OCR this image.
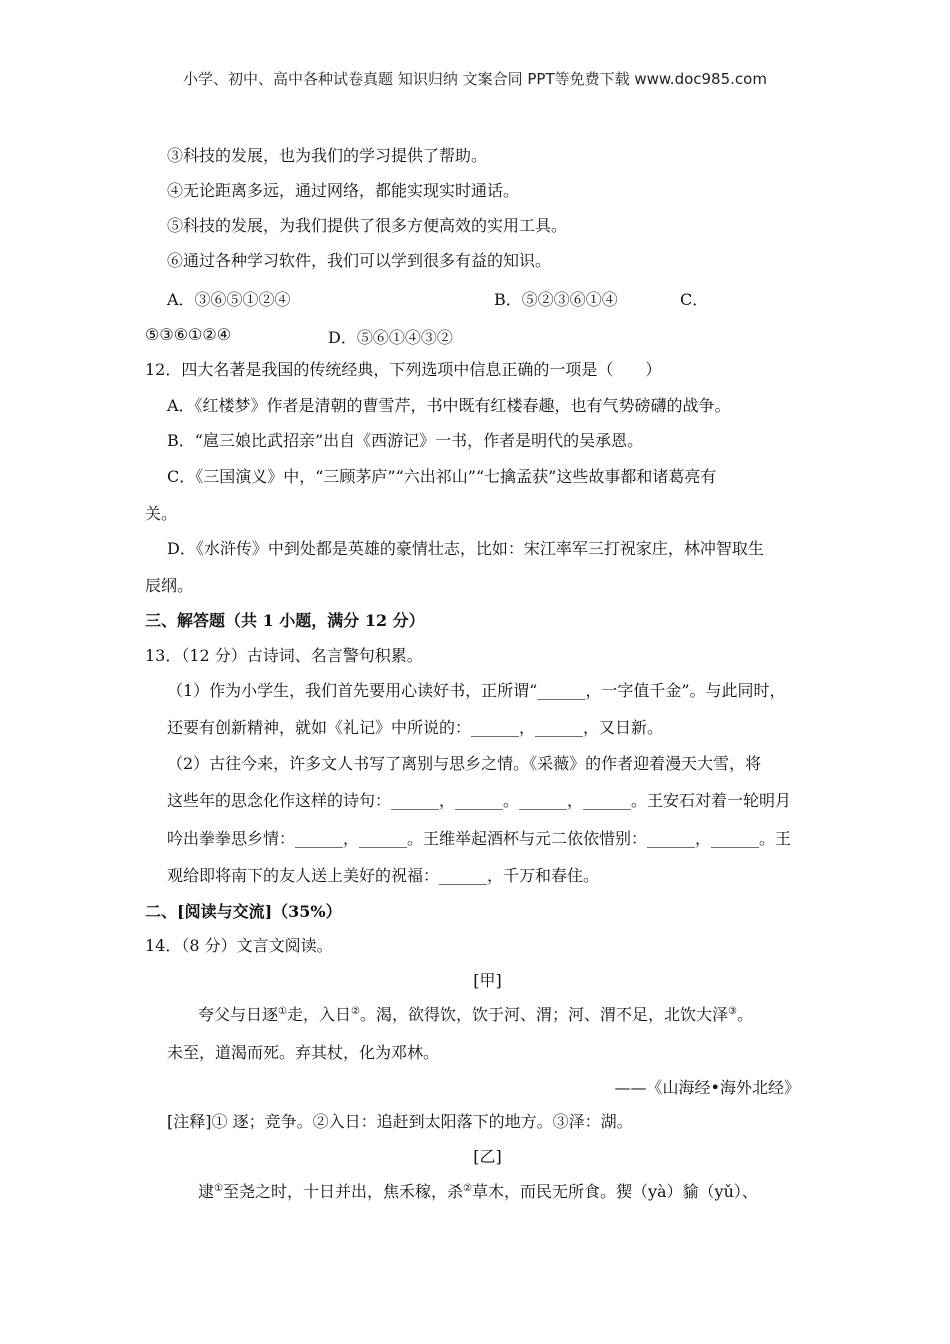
小学、初中、高中各种试卷真题 知识归纳 文案合同 PPT等免费下载 www.doc985.com
③科技的发展，也为我们的学习提供了帮助。
④无论距离多远，通过网络，都能实现实时通话。
⑤科技的发展，为我们提供了很多方便高效的实用工具。
⑥通过各种学习软件，我们可以学到很多有益的知识。
A．③⑥⑤①②④	B．⑤②③⑥①④	C．
⑤③⑥①②④	D．⑤⑥①④③②
12．四大名著是我国的传统经典，下列选项中信息正确的一项是（　　）
A．《红楼梦》作者是清朝的曹雪芹，书中既有红楼春趣，也有气势磅礴的战争。
B．“扈三娘比武招亲”出自《西游记》一书，作者是明代的吴承恩。
C．《三国演义》中，“三顾茅庐”“六出祁山”“七擒孟获”这些故事都和诸葛亮有
关。
D．《水浒传》中到处都是英雄的豪情壮志，比如：宋江率军三打祝家庄，林冲智取生
辰纲。
三、解答题（共 1 小题，满分 12 分）
13．（12 分）古诗词、名言警句积累。
（1）作为小学生，我们首先要用心读好书，正所谓“______，一字值千金”。与此同时，
还要有创新精神，就如《礼记》中所说的：______，______，又日新。
（2）古往今来，许多文人书写了离别与思乡之情。《采薇》的作者迎着漫天大雪，将
这些年的思念化作这样的诗句：______，______。______，______。王安石对着一轮明月
吟出拳拳思乡情：______，______。王维举起酒杯与元二依依惜别：______，______。王
观给即将南下的友人送上美好的祝福：______，千万和春住。
二、[阅读与交流]（35%）
14．（8 分）文言文阅读。
[甲]
夸父与日逐①走，入日②。渴，欲得饮，饮于河、渭；河、渭不足，北饮大泽③。
未至，道渴而死。弃其杖，化为邓林。
——《山海经•海外北经》
[注释]① 逐；竞争。②入日：追赶到太阳落下的地方。③泽：湖。
[乙]
逮①至尧之时，十日并出，焦禾稼，杀②草木，而民无所食。猰（yà）貐（yǔ）、
